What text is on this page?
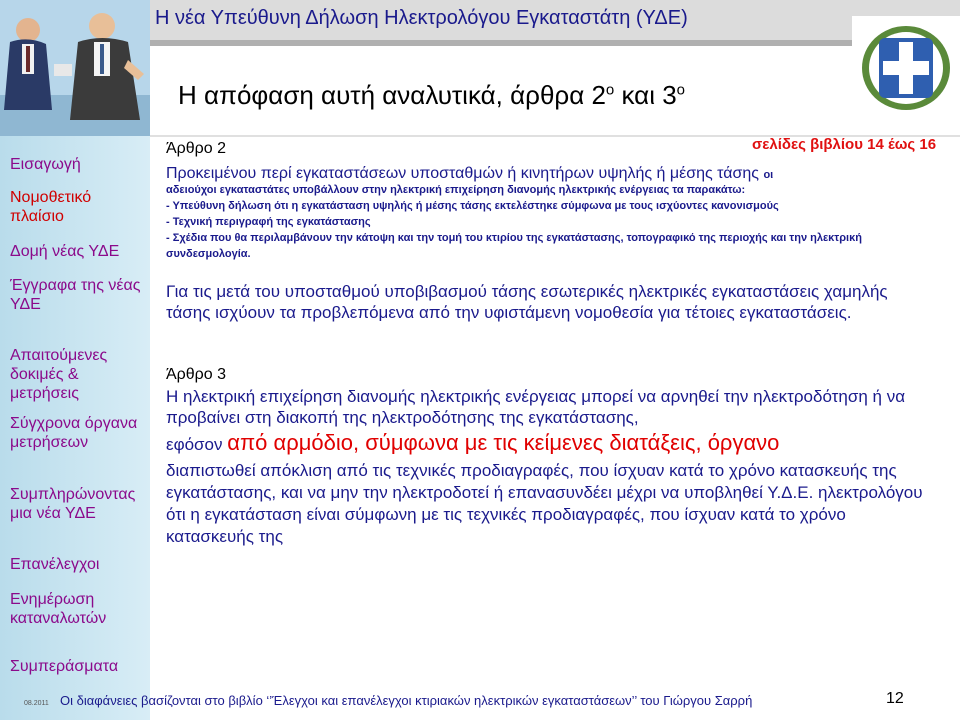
Η νέα Υπεύθυνη Δήλωση Ηλεκτρολόγου Εγκαταστάτη (ΥΔΕ)
Η απόφαση αυτή αναλυτικά, άρθρα $2^o$ και $3^o$
Εισαγωγή
Νομοθετικό πλαίσιο
Δομή νέας ΥΔΕ
Έγγραφα της νέας ΥΔΕ
Απαιτούμενες δοκιμές & μετρήσεις
Σύγχρονα όργανα μετρήσεων
Συμπληρώνοντας μια νέα ΥΔΕ
Επανέλεγχοι
Ενημέρωση καταναλωτών
Συμπεράσματα
σελίδες βιβλίου 14 έως 16
Άρθρο 2
Προκειμένου περί εγκαταστάσεων υποσταθμών ή κινητήρων υψηλής ή μέσης τάσης οι
αδειούχοι εγκαταστάτες υποβάλλουν στην ηλεκτρική επιχείρηση διανομής ηλεκτρικής ενέργειας τα παρακάτω:
- Υπεύθυνη δήλωση ότι η εγκατάσταση υψηλής ή μέσης τάσης εκτελέστηκε σύμφωνα με τους ισχύοντες κανονισμούς
- Τεχνική περιγραφή της εγκατάστασης
- Σχέδια που θα περιλαμβάνουν την κάτοψη και την τομή του κτιρίου της εγκατάστασης, τοπογραφικό της περιοχής και την ηλεκτρική συνδεσμολογία.
Για τις μετά του υποσταθμού υποβιβασμού τάσης εσωτερικές ηλεκτρικές εγκαταστάσεις χαμηλής τάσης ισχύουν τα προβλεπόμενα από την υφιστάμενη νομοθεσία για τέτοιες εγκαταστάσεις.
Άρθρο 3
Η ηλεκτρική επιχείρηση διανομής ηλεκτρικής ενέργειας μπορεί να αρνηθεί την ηλεκτροδότηση ή να προβαίνει στη διακοπή της ηλεκτροδότησης της εγκατάστασης,
εφόσον από αρμόδιο, σύμφωνα με τις κείμενες διατάξεις, όργανο
διαπιστωθεί απόκλιση από τις τεχνικές προδιαγραφές, που ίσχυαν κατά το χρόνο κατασκευής της εγκατάστασης, και να μην την ηλεκτροδοτεί ή επανασυνδέει μέχρι να υποβληθεί Υ.Δ.Ε. ηλεκτρολόγου ότι η εγκατάσταση είναι σύμφωνη με τις τεχνικές προδιαγραφές, που ίσχυαν κατά το χρόνο κατασκευής της
08.2011 Οι διαφάνειες βασίζονται στο βιβλίο ‘’Έλεγχοι και επανέλεγχοι κτιριακών ηλεκτρικών εγκαταστάσεων’’ του Γιώργου Σαρρή	12
